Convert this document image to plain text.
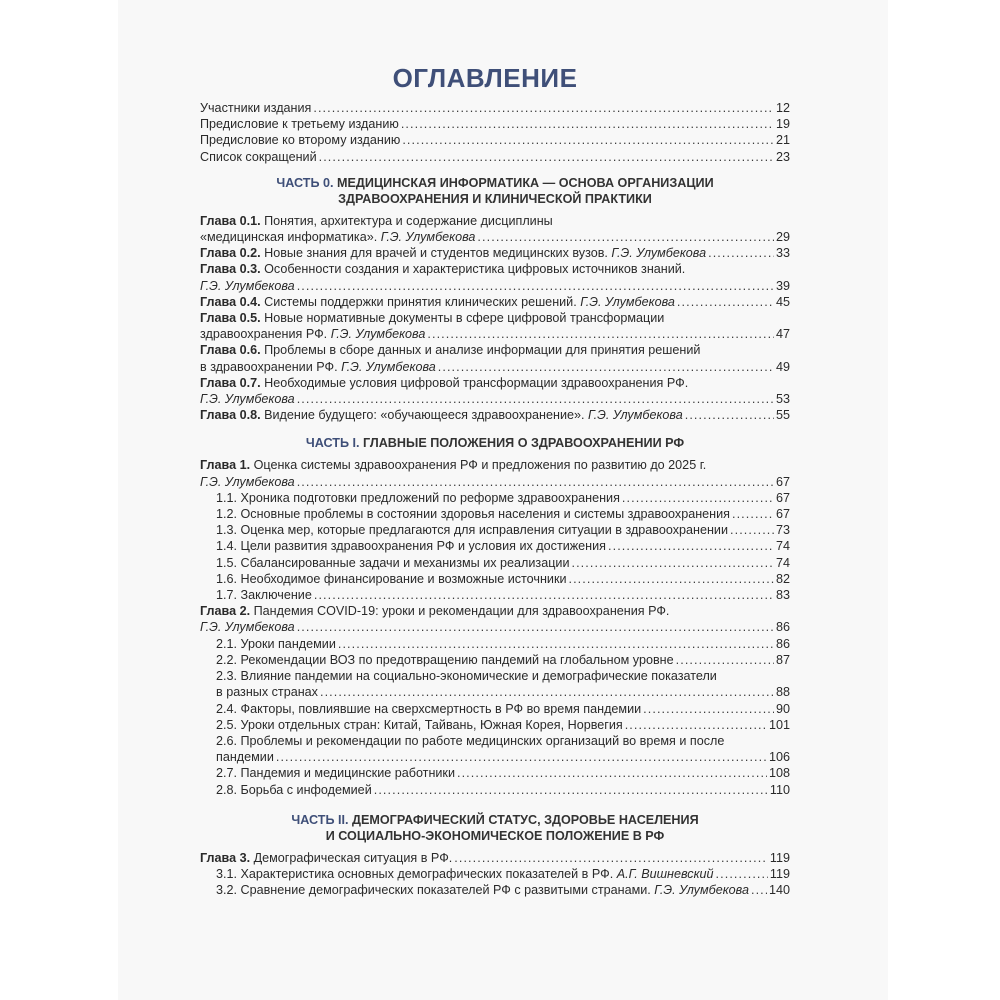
ОГЛАВЛЕНИЕ
Участники издания . . .	12
Предисловие к третьему изданию . . .	19
Предисловие ко второму изданию . . .	21
Список сокращений . . .	23
ЧАСТЬ 0. МЕДИЦИНСКАЯ ИНФОРМАТИКА — ОСНОВА ОРГАНИЗАЦИИ
ЗДРАВООХРАНЕНИЯ И КЛИНИЧЕСКОЙ ПРАКТИКИ
Глава 0.1. Понятия, архитектура и содержание дисциплины
«медицинская информатика». Г.Э. Улумбекова . . .	29
Глава 0.2. Новые знания для врачей и студентов медицинских вузов. Г.Э. Улумбекова . . .	33
Глава 0.3. Особенности создания и характеристика цифровых источников знаний.
Г.Э. Улумбекова . . .	39
Глава 0.4. Системы поддержки принятия клинических решений. Г.Э. Улумбекова . . .	45
Глава 0.5. Новые нормативные документы в сфере цифровой трансформации
здравоохранения РФ. Г.Э. Улумбекова . . .	47
Глава 0.6. Проблемы в сборе данных и анализе информации для принятия решений
в здравоохранении РФ. Г.Э. Улумбекова . . .	49
Глава 0.7. Необходимые условия цифровой трансформации здравоохранения РФ.
Г.Э. Улумбекова . . .	53
Глава 0.8. Видение будущего: «обучающееся здравоохранение». Г.Э. Улумбекова . . .	55
ЧАСТЬ I. ГЛАВНЫЕ ПОЛОЖЕНИЯ О ЗДРАВООХРАНЕНИИ РФ
Глава 1. Оценка системы здравоохранения РФ и предложения по развитию до 2025 г.
Г.Э. Улумбекова . . .	67
1.1. Хроника подготовки предложений по реформе здравоохранения . . .	67
1.2. Основные проблемы в состоянии здоровья населения и системы здравоохранения . . .	67
1.3. Оценка мер, которые предлагаются для исправления ситуации в здравоохранении . . .	73
1.4. Цели развития здравоохранения РФ и условия их достижения . . .	74
1.5. Сбалансированные задачи и механизмы их реализации . . .	74
1.6. Необходимое финансирование и возможные источники . . .	82
1.7. Заключение . . .	83
Глава 2. Пандемия COVID-19: уроки и рекомендации для здравоохранения РФ.
Г.Э. Улумбекова . . .	86
2.1. Уроки пандемии . . .	86
2.2. Рекомендации ВОЗ по предотвращению пандемий на глобальном уровне . . .	87
2.3. Влияние пандемии на социально-экономические и демографические показатели
в разных странах . . .	88
2.4. Факторы, повлиявшие на сверхсмертность в РФ во время пандемии . . .	90
2.5. Уроки отдельных стран: Китай, Тайвань, Южная Корея, Норвегия . . .	101
2.6. Проблемы и рекомендации по работе медицинских организаций во время и после
пандемии . . .	106
2.7. Пандемия и медицинские работники . . .	108
2.8. Борьба с инфодемией . . .	110
ЧАСТЬ II. ДЕМОГРАФИЧЕСКИЙ СТАТУС, ЗДОРОВЬЕ НАСЕЛЕНИЯ
И СОЦИАЛЬНО-ЭКОНОМИЧЕСКОЕ ПОЛОЖЕНИЕ В РФ
Глава 3. Демографическая ситуация в РФ. . . .	119
3.1. Характеристика основных демографических показателей в РФ. А.Г. Вишневский . . .	119
3.2. Сравнение демографических показателей РФ с развитыми странами. Г.Э. Улумбекова . . . 140
